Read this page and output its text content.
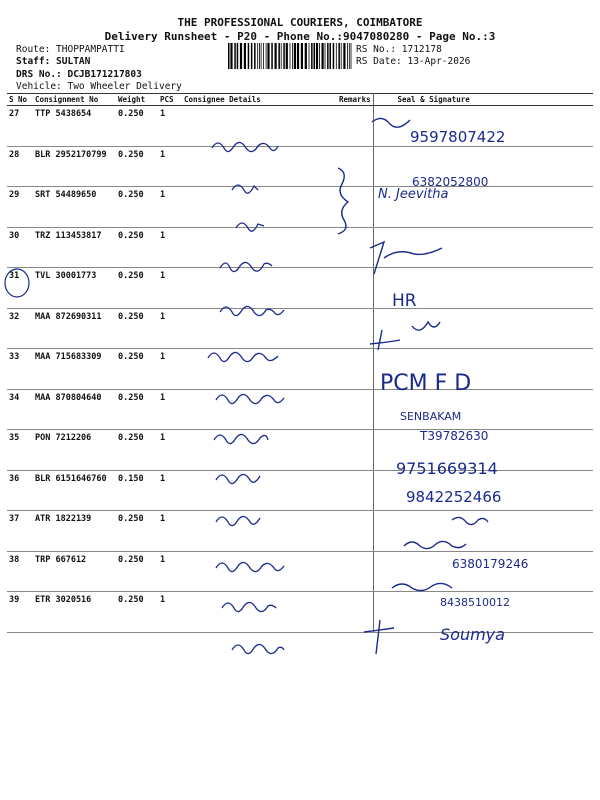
THE PROFESSIONAL COURIERS, COIMBATORE
Delivery Runsheet - P20 - Phone No.:9047080280 - Page No.:3
Route: THOPPAMPATTI
Staff: SULTAN
DRS No.: DCJB171217803
Vehicle: Two Wheeler Delivery
RS No.: 1712178
RS Date: 13-Apr-2026
S No	Consignment No	Weight	PCS	Consignee Details	Remarks	Seal & Signature
27	TTP 5438654	0.250	1			
28	BLR 2952170799	0.250	1			
29	SRT 54489650	0.250	1			
30	TRZ 113453817	0.250	1			
31	TVL 30001773	0.250	1			
32	MAA 872690311	0.250	1			
33	MAA 715683309	0.250	1			
34	MAA 870804640	0.250	1			
35	PON 7212206	0.250	1			
36	BLR 6151646760	0.150	1			
37	ATR 1822139	0.250	1			
38	TRP 667612	0.250	1			
39	ETR 3020516	0.250	1			
9597807422
N. Jeevitha
6382052800
HR
PCM F D
SENBAKAM
T39782630
9751669314
9842252466
6380179246
8438510012
Soumya
